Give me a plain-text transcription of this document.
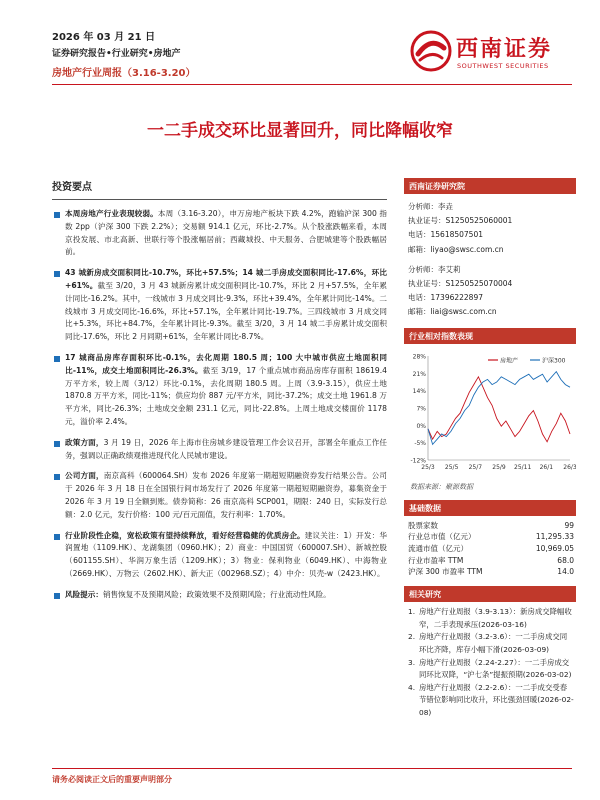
2026 年 03 月 21 日
证券研究报告•行业研究•房地产
房地产行业周报（3.16-3.20）
西南证券
SOUTHWEST SECURITIES
一二手成交环比显著回升，同比降幅收窄
投资要点
本周房地产行业表现较弱。本周（3.16-3.20），申万房地产板块下跌 4.2%，跑输沪深 300 指数 2pp（沪深 300 下跌 2.2%）；交易额 914.1 亿元，环比-2.7%。从个股涨跌幅来看，本周京投发展、市北高新、世联行等个股涨幅居前；西藏城投、中天服务、合肥城建等个股跌幅居前。
43 城新房成交面积同比-10.7%，环比+57.5%；14 城二手房成交面积同比-17.6%，环比+61%。截至 3/20，3 月 43 城新房累计成交面积同比-10.7%，环比 2 月+57.5%，全年累计同比-16.2%。其中，一线城市 3 月成交同比-9.3%，环比+39.4%，全年累计同比-14%。二线城市 3 月成交同比-16.6%，环比+57.1%，全年累计同比-19.7%。三四线城市 3 月成交同比+5.3%，环比+84.7%，全年累计同比-9.3%。截至 3/20，3 月 14 城二手房累计成交面积同比-17.6%，环比 2 月同期+61%，全年累计同比-8.7%。
17 城商品房库存面积环比-0.1%，去化周期 180.5 周；100 大中城市供应土地面积同比-11%，成交土地面积同比-26.3%。截至 3/19，17 个重点城市商品房库存面积 18619.4 万平方米，较上周（3/12）环比-0.1%，去化周期 180.5 周。上周（3.9-3.15），供应土地 1870.8 万平方米，同比-11%；供应均价 887 元/平方米，同比-37.2%；成交土地 1961.8 万平方米，同比-26.3%；土地成交金额 231.1 亿元，同比-22.8%。上周土地成交楼面价 1178 元，溢价率 2.4%。
政策方面，3 月 19 日，2026 年上海市住房城乡建设管理工作会议召开，部署全年重点工作任务，强调以正确政绩观推进现代化人民城市建设。
公司方面，南京高科（600064.SH）发布 2026 年度第一期超短期融资券发行结果公告。公司于 2026 年 3 月 18 日在全国银行间市场发行了 2026 年度第一期超短期融资券，募集资金于 2026 年 3 月 19 日全额到账。债券简称：26 南京高科 SCP001，期限：240 日，实际发行总额：2.0 亿元，发行价格：100 元/百元面值，发行利率：1.70%。
行业阶段性企稳，宽松政策有望持续释放，看好经营稳健的优质房企。建议关注：1）开发：华润置地（1109.HK）、龙湖集团（0960.HK）；2）商业：中国国贸（600007.SH）、新城控股（601155.SH）、华润万象生活（1209.HK）；3）物业：保利物业（6049.HK）、中海物业（2669.HK）、万物云（2602.HK）、新大正（002968.SZ）；4）中介：贝壳-w（2423.HK）。
风险提示：销售恢复不及预期风险；政策效果不及预期风险；行业流动性风险。
西南证券研究院
分析师：李垚
执业证号：S1250525060001
电话：15618507501
邮箱：liyao@swsc.com.cn
分析师：李艾莉
执业证号：S1250525070004
电话：17396222897
邮箱：liai@swsc.com.cn
行业相对指数表现
28%
21%
14%
7%
0%
-5%
-12%
25/3 25/5 25/7 25/9 25/11 26/1 26/3
房地产	沪深300
数据来源：聚源数据
基础数据
股票家数	99
行业总市值（亿元）	11,295.33
流通市值（亿元）	10,969.05
行业市盈率 TTM	68.0
沪深 300 市盈率 TTM	14.0
相关研究
1. 房地产行业周报（3.9-3.13）：新房成交降幅收窄，二手表现承压(2026-03-16)
2. 房地产行业周报（3.2-3.6）：一二手房成交同环比齐降，库存小幅下滑(2026-03-09)
3. 房地产行业周报（2.24-2.27）：一二手房成交同环比双降，“沪七条”提振预期(2026-03-02)
4. 房地产行业周报（2.2-2.6）：一二手成交受春节错位影响同比收升，环比强劲回暖(2026-02-08)
请务必阅读正文后的重要声明部分
